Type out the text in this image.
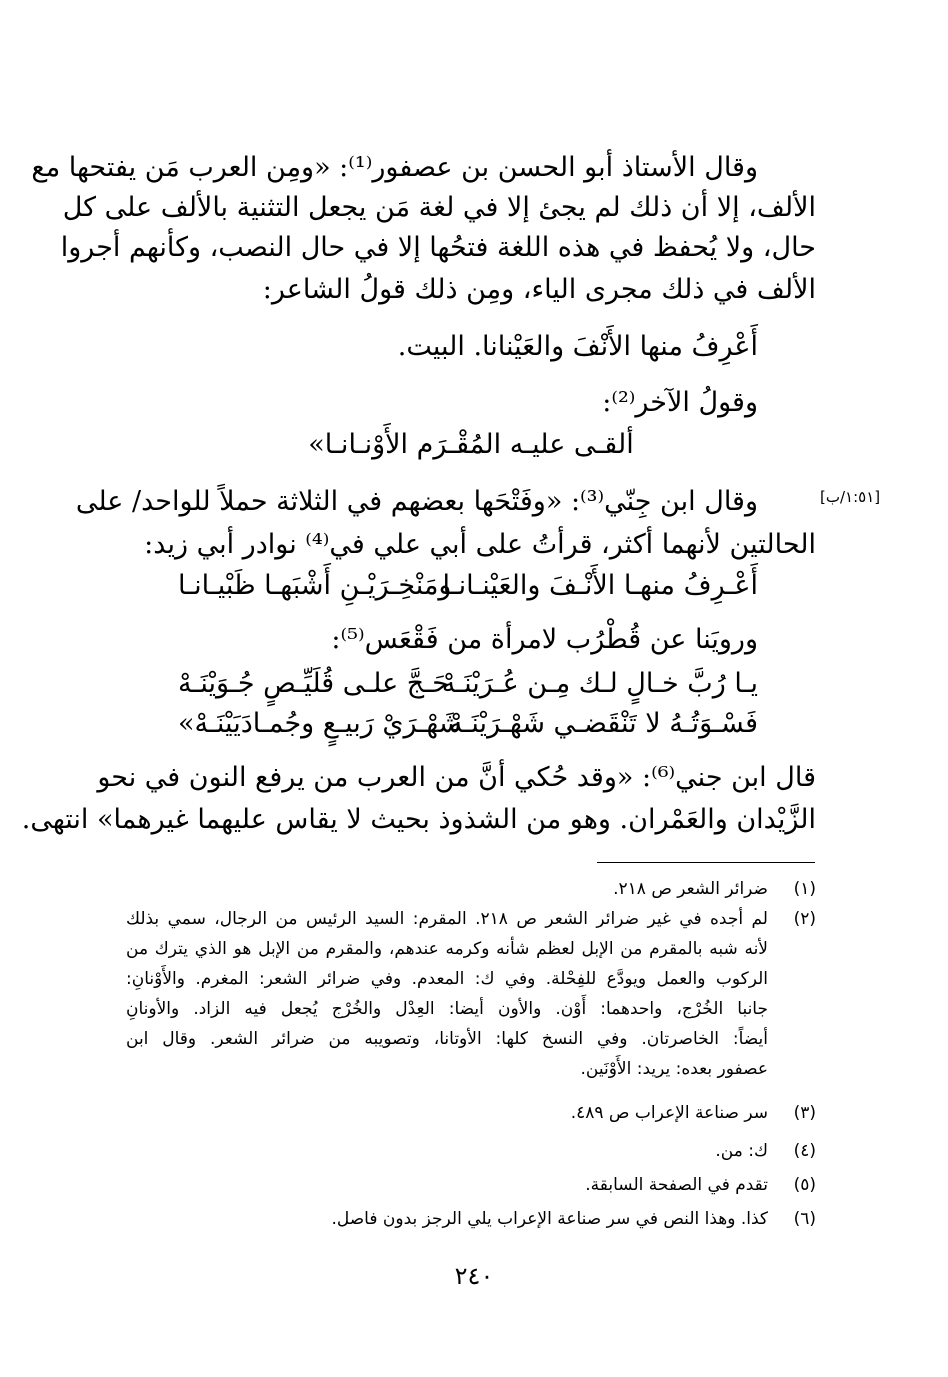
وقال الأستاذ أبو الحسن بن عصفور⁽¹⁾: «ومِن العرب مَن يفتحها مع
الألف، إلا أن ذلك لم يجئ إلا في لغة مَن يجعل التثنية بالألف على كل
حال، ولا يُحفظ في هذه اللغة فتحُها إلا في حال النصب، وكأنهم أجروا
الألف في ذلك مجرى الياء، ومِن ذلك قولُ الشاعر:
أَعْرِفُ منها الأَنْفَ والعَيْنانا. البيت.
وقولُ الآخر⁽²⁾:
ألقـى عليـه المُقْـرَم الأَوْنـانـا»
وقال ابن جِنّي⁽³⁾: «وفَتْحَها بعضهم في الثلاثة حملاً للواحد/ على	[١:٥١/ب]
الحالتين لأنهما أكثر، قرأتُ على أبي علي في⁽⁴⁾ نوادر أبي زيد:
أَعْـرِفُ منهـا الأَنْـفَ والعَيْنـانـا
ومَنْخِـرَيْـنِ أَشْبَهـا ظَبْيـانـا
ورويَنا عن قُطْرُب لامرأة من فَقْعَس⁽⁵⁾:
يـا رُبَّ خـالٍ لـك مِـن عُـرَيْنَـهْ
حَـجَّ علـى قُلَيِّـصٍ جُـوَيْنَـهْ
فَسْـوَتُـهُ لا تَنْقَضـي شَهْـرَيْنَـهْ
شَهْـرَيْ رَبيـعٍ وجُمـادَيَيْنَـهْ»
قال ابن جني⁽⁶⁾: «وقد حُكي أنَّ من العرب من يرفع النون في نحو
الزَّيْدان والعَمْران. وهو من الشذوذ بحيث لا يقاس عليهما غيرهما» انتهى.
(١)
ضرائر الشعر ص ٢١٨.
(٢)
لم أجده في غير ضرائر الشعر ص ٢١٨. المقرم: السيد الرئيس من الرجال، سمي بذلك
لأنه شبه بالمقرم من الإبل لعظم شأنه وكرمه عندهم، والمقرم من الإبل هو الذي يترك من
الركوب والعمل ويودَّع للفِحْلة. وفي ك: المعدم. وفي ضرائر الشعر: المغرم. والأَوْنانِ:
جانبا الخُرْج، واحدهما: أَوْن. والأون أيضا: العِدْل والخُرْج يُجعل فيه الزاد. والأونانِ
أيضاً: الخاصرتان. وفي النسخ كلها: الأوتانا، وتصويبه من ضرائر الشعر. وقال ابن
عصفور بعده: يريد: الأَوْنَين.
(٣)
سر صناعة الإعراب ص ٤٨٩.
(٤)
ك: من.
(٥)
تقدم في الصفحة السابقة.
(٦)
كذا. وهذا النص في سر صناعة الإعراب يلي الرجز بدون فاصل.
٢٤٠
